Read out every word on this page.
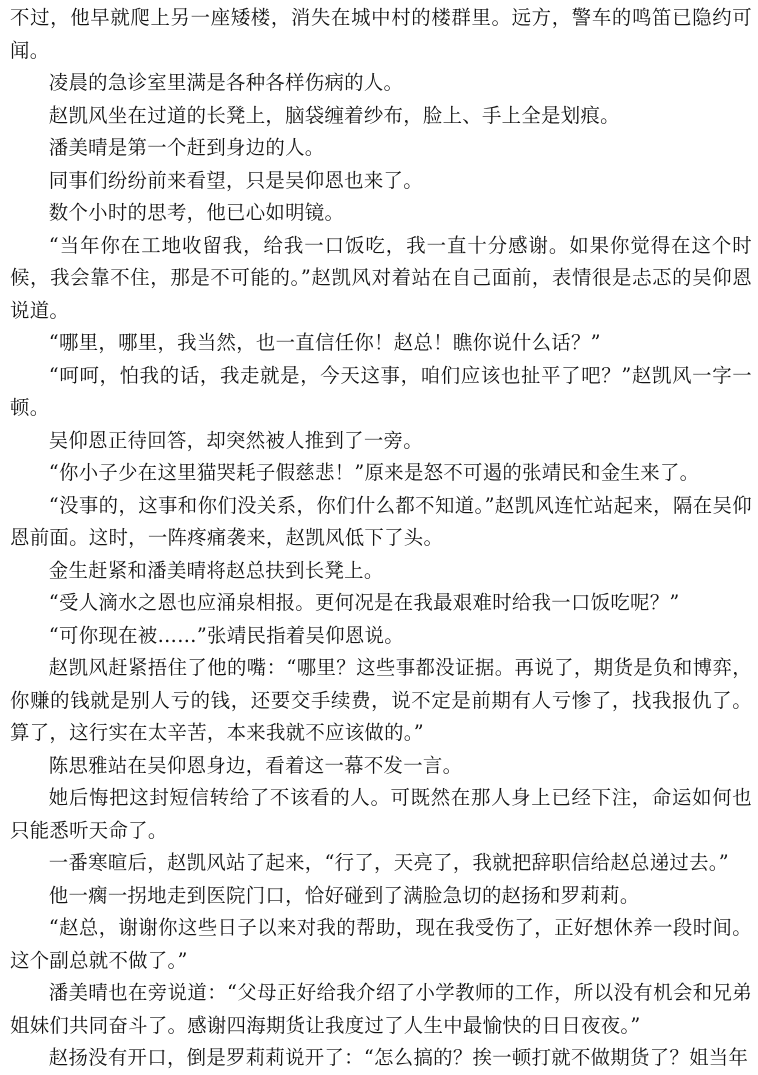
不过，他早就爬上另一座矮楼，消失在城中村的楼群里。远方，警车的鸣笛已隐约可闻。

凌晨的急诊室里满是各种各样伤病的人。

赵凯风坐在过道的长凳上，脑袋缠着纱布，脸上、手上全是划痕。

潘美晴是第一个赶到身边的人。

同事们纷纷前来看望，只是吴仰恩也来了。

数个小时的思考，他已心如明镜。

“当年你在工地收留我，给我一口饭吃，我一直十分感谢。如果你觉得在这个时候，我会靠不住，那是不可能的。”赵凯风对着站在自己面前，表情很是忐忑的吴仰恩说道。

“哪里，哪里，我当然，也一直信任你！赵总！瞧你说什么话？”

“呵呵，怕我的话，我走就是，今天这事，咱们应该也扯平了吧？”赵凯风一字一顿。

吴仰恩正待回答，却突然被人推到了一旁。

“你小子少在这里猫哭耗子假慈悲！”原来是怒不可遏的张靖民和金生来了。

“没事的，这事和你们没关系，你们什么都不知道。”赵凯风连忙站起来，隔在吴仰恩前面。这时，一阵疼痛袭来，赵凯风低下了头。

金生赶紧和潘美晴将赵总扶到长凳上。

“受人滴水之恩也应涌泉相报。更何况是在我最艰难时给我一口饭吃呢？”

“可你现在被……”张靖民指着吴仰恩说。

赵凯风赶紧捂住了他的嘴：“哪里？这些事都没证据。再说了，期货是负和博弈，你赚的钱就是别人亏的钱，还要交手续费，说不定是前期有人亏惨了，找我报仇了。算了，这行实在太辛苦，本来我就不应该做的。”

陈思雅站在吴仰恩身边，看着这一幕不发一言。

她后悔把这封短信转给了不该看的人。可既然在那人身上已经下注，命运如何也只能悉听天命了。

一番寒暄后，赵凯风站了起来，“行了，天亮了，我就把辞职信给赵总递过去。”

他一瘸一拐地走到医院门口，恰好碰到了满脸急切的赵扬和罗莉莉。

“赵总，谢谢你这些日子以来对我的帮助，现在我受伤了，正好想休养一段时间。这个副总就不做了。”

潘美晴也在旁说道：“父母正好给我介绍了小学教师的工作，所以没有机会和兄弟姐妹们共同奋斗了。感谢四海期货让我度过了人生中最愉快的日日夜夜。”

赵扬没有开口，倒是罗莉莉说开了：“怎么搞的？挨一顿打就不做期货了？姐当年
